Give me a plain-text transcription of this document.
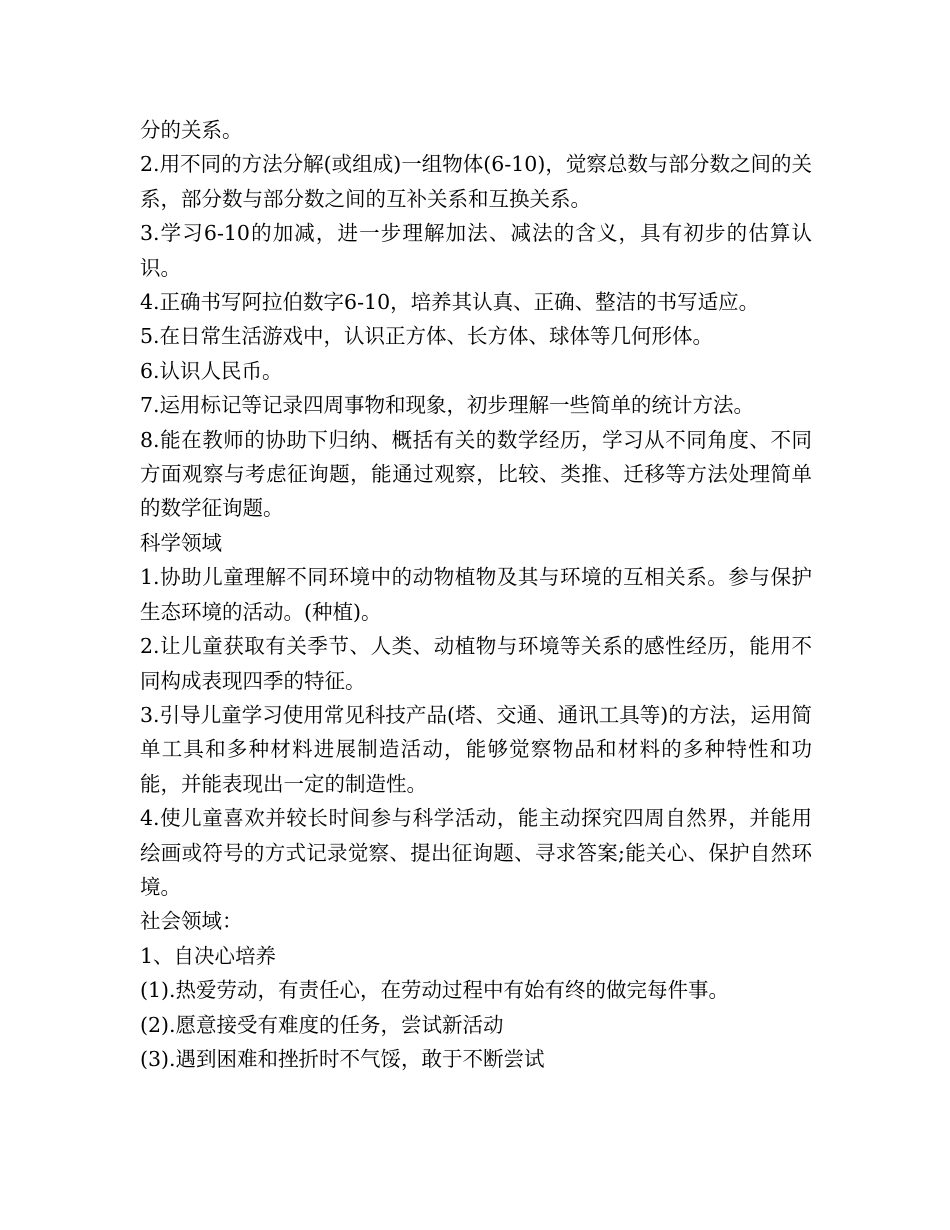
分的关系。

2.用不同的方法分解(或组成)一组物体(6-10)，觉察总数与部分数之间的关系，部分数与部分数之间的互补关系和互换关系。

3.学习6-10的加减，进一步理解加法、减法的含义，具有初步的估算认识。

4.正确书写阿拉伯数字6-10，培养其认真、正确、整洁的书写适应。

5.在日常生活游戏中，认识正方体、长方体、球体等几何形体。

6.认识人民币。

7.运用标记等记录四周事物和现象，初步理解一些简单的统计方法。

8.能在教师的协助下归纳、概括有关的数学经历，学习从不同角度、不同方面观察与考虑征询题，能通过观察，比较、类推、迁移等方法处理简单的数学征询题。

科学领域

1.协助儿童理解不同环境中的动物植物及其与环境的互相关系。参与保护生态环境的活动。(种植)。

2.让儿童获取有关季节、人类、动植物与环境等关系的感性经历，能用不同构成表现四季的特征。

3.引导儿童学习使用常见科技产品(塔、交通、通讯工具等)的方法，运用简单工具和多种材料进展制造活动，能够觉察物品和材料的多种特性和功能，并能表现出一定的制造性。

4.使儿童喜欢并较长时间参与科学活动，能主动探究四周自然界，并能用绘画或符号的方式记录觉察、提出征询题、寻求答案;能关心、保护自然环境。

社会领域：

1、自决心培养

(1).热爱劳动，有责任心，在劳动过程中有始有终的做完每件事。

(2).愿意接受有难度的任务，尝试新活动

(3).遇到困难和挫折时不气馁，敢于不断尝试
